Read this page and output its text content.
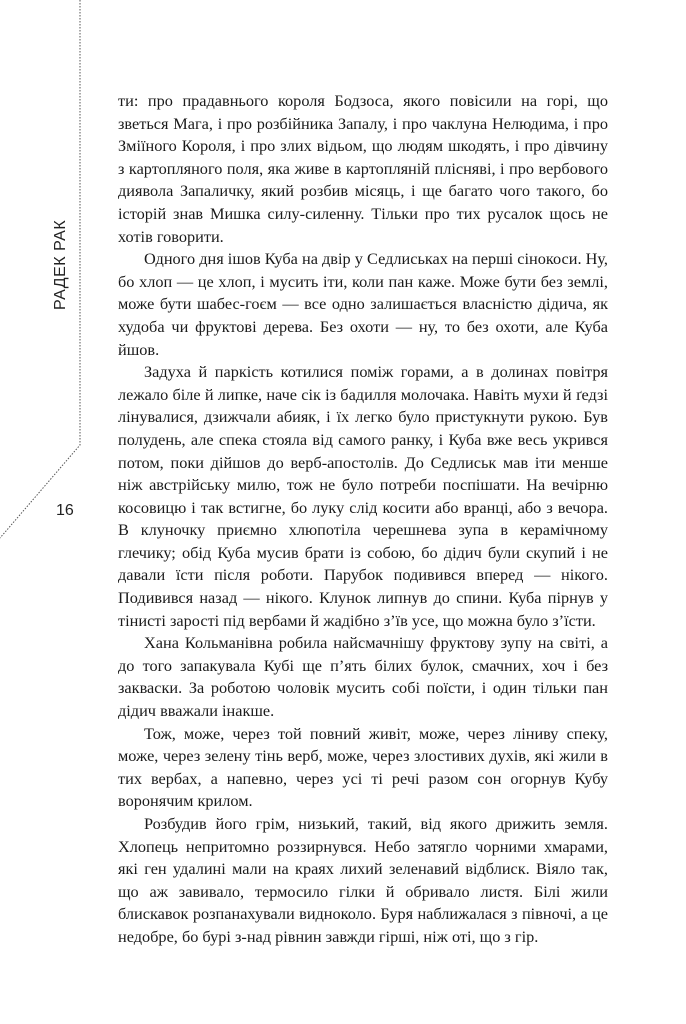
РАДЕК РАК
16

ти: про прадавнього короля Бодзоса, якого повісили на горі, що зветься Мага, і про розбійника Запалу, і про чаклуна Нелюдима, і про Зміїного Короля, і про злих відьом, що людям шкодять, і про дівчину з картопляного поля, яка живе в картопляній плісняві, і про вербового диявола Запаличку, який розбив місяць, і ще багато чого такого, бо історій знав Мишка силу-силенну. Тільки про тих русалок щось не хотів говорити.

Одного дня ішов Куба на двір у Седлиськах на перші сінокоси. Ну, бо хлоп — це хлоп, і мусить іти, коли пан каже. Може бути без землі, може бути шабес-гоєм — все одно залишається власністю дідича, як худоба чи фруктові дерева. Без охоти — ну, то без охоти, але Куба йшов.

Задуха й паркість котилися поміж горами, а в долинах повітря лежало біле й липке, наче сік із бадилля молочака. Навіть мухи й ґедзі лінувалися, дзижчали абияк, і їх легко було пристукнути рукою. Був полудень, але спека стояла від самого ранку, і Куба вже весь укрився потом, поки дійшов до верб-апостолів. До Седлиськ мав іти менше ніж австрійську милю, тож не було потреби поспішати. На вечірню косовицю і так встигне, бо луку слід косити або вранці, або з вечора. В клуночку приємно хлюпотіла черешнева зупа в керамічному глечику; обід Куба мусив брати із собою, бо дідич були скупий і не давали їсти після роботи. Парубок подивився вперед — нікого. Подивився назад — нікого. Клунок липнув до спини. Куба пірнув у тінисті зарості під вербами й жадібно з’їв усе, що можна було з’їсти.

Хана Кольманівна робила найсмачнішу фруктову зупу на світі, а до того запакувала Кубі ще п’ять білих булок, смачних, хоч і без закваски. За роботою чоловік мусить собі поїсти, і один тільки пан дідич вважали інакше.

Тож, може, через той повний живіт, може, через ліниву спеку, може, через зелену тінь верб, може, через злостивих духів, які жили в тих вербах, а напевно, через усі ті речі разом сон огорнув Кубу воронячим крилом.

Розбудив його грім, низький, такий, від якого дрижить земля. Хлопець непритомно роззирнувся. Небо затягло чорними хмарами, які ген удалині мали на краях лихий зеленавий відблиск. Віяло так, що аж завивало, термосило гілки й обривало листя. Білі жили блискавок розпанахували видноколо. Буря наближалася з півночі, а це недобре, бо бурі з-над рівнин завжди гірші, ніж оті, що з гір.
